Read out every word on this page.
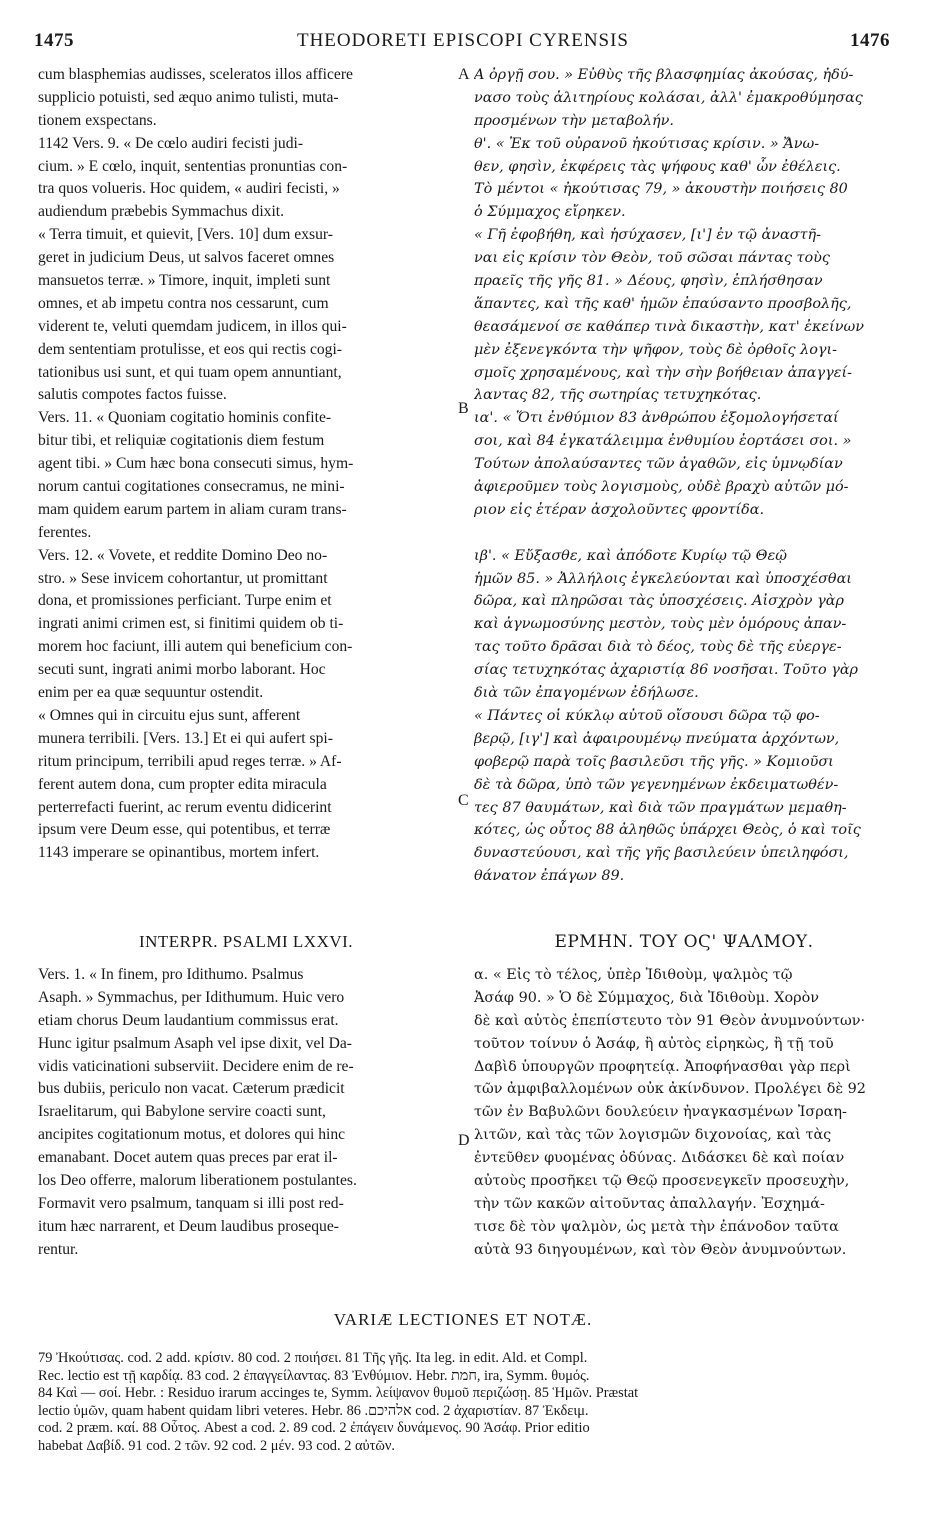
1475	THEODORETI EPISCOPI CYRENSIS	1476
cum blasphemias audisses, sceleratos illos afficere
supplicio potuisti, sed æquo animo tulisti, muta-
tionem exspectans.
1142 Vers. 9. « De cœlo audiri fecisti judi-
cium. » E cœlo, inquit, sententias pronuntias con-
tra quos volueris. Hoc quidem, « audiri fecisti, »
audiendum præbebis Symmachus dixit.
« Terra timuit, et quievit, [Vers. 10] dum exsur-
geret in judicium Deus, ut salvos faceret omnes
mansuetos terræ. » Timore, inquit, impleti sunt
omnes, et ab impetu contra nos cessarunt, cum
viderent te, veluti quemdam judicem, in illos qui-
dem sententiam protulisse, et eos qui rectis cogi-
tationibus usi sunt, et qui tuam opem annuntiant,
salutis compotes factos fuisse.
Vers. 11. « Quoniam cogitatio hominis confite-
bitur tibi, et reliquiæ cogitationis diem festum
agent tibi. » Cum hæc bona consecuti simus, hym-
norum cantui cogitationes consecramus, ne mini-
mam quidem earum partem in aliam curam trans-
ferentes.
Vers. 12. « Vovete, et reddite Domino Deo no-
stro. » Sese invicem cohortantur, ut promittant
dona, et promissiones perficiant. Turpe enim et
ingrati animi crimen est, si finitimi quidem ob ti-
morem hoc faciunt, illi autem qui beneficium con-
secuti sunt, ingrati animi morbo laborant. Hoc
enim per ea quæ sequuntur ostendit.
« Omnes qui in circuitu ejus sunt, afferent
munera terribili. [Vers. 13.] Et ei qui aufert spi-
ritum principum, terribili apud reges terræ. » Af-
ferent autem dona, cum propter edita miracula
perterrefacti fuerint, ac rerum eventu didicerint
ipsum vere Deum esse, qui potentibus, et terræ
1143 imperare se opinantibus, mortem infert.
Α ὀργῇ σου. » Εὐθὺς τῆς βλασφημίας ἀκούσας, ἠδύ-
νασο τοὺς ἀλιτηρίους κολάσαι, ἀλλ' ἐμακροθύμησας
προσμένων τὴν μεταβολήν.
θ'. « Ἐκ τοῦ οὐρανοῦ ἠκούτισας κρίσιν. » Ἄνω-
θεν, φησὶν, ἐκφέρεις τὰς ψήφους καθ' ὧν ἐθέλεις.
Τὸ μέντοι « ἠκούτισας 79, » ἀκουστὴν ποιήσεις 80
ὁ Σύμμαχος εἴρηκεν.
« Γῆ ἐφοβήθη, καὶ ἡσύχασεν, [ι'] ἐν τῷ ἀναστῆ-
ναι εἰς κρίσιν τὸν Θεὸν, τοῦ σῶσαι πάντας τοὺς
πραεῖς τῆς γῆς 81. » Δέους, φησὶν, ἐπλήσθησαν
ἅπαντες, καὶ τῆς καθ' ἡμῶν ἐπαύσαντο προσβολῆς,
θεασάμενοί σε καθάπερ τινὰ δικαστὴν, κατ' ἐκείνων
μὲν ἐξενεγκόντα τὴν ψῆφον, τοὺς δὲ ὀρθοῖς λογι-
σμοῖς χρησαμένους, καὶ τὴν σὴν βοήθειαν ἀπαγγεί-
λαντας 82, τῆς σωτηρίας τετυχηκότας.
ια'. « Ὅτι ἐνθύμιον 83 ἀνθρώπου ἐξομολογήσεταί
σοι, καὶ 84 ἐγκατάλειμμα ἐνθυμίου ἑορτάσει σοι. »
Τούτων ἀπολαύσαντες τῶν ἀγαθῶν, εἰς ὑμνῳδίαν
ἀφιεροῦμεν τοὺς λογισμοὺς, οὐδὲ βραχὺ αὐτῶν μό-
ριον εἰς ἑτέραν ἀσχολοῦντες φροντίδα.
ιβ'. « Εὔξασθε, καὶ ἀπόδοτε Κυρίῳ τῷ Θεῷ
ἡμῶν 85. » Ἀλλήλοις ἐγκελεύονται καὶ ὑποσχέσθαι
δῶρα, καὶ πληρῶσαι τὰς ὑποσχέσεις. Αἰσχρὸν γὰρ
καὶ ἀγνωμοσύνης μεστὸν, τοὺς μὲν ὁμόρους ἀπαν-
τας τοῦτο δρᾶσαι διὰ τὸ δέος, τοὺς δὲ τῆς εὐεργε-
σίας τετυχηκότας ἀχαριστίᾳ 86 νοσῆσαι. Τοῦτο γὰρ
διὰ τῶν ἐπαγομένων ἐδήλωσε.
« Πάντες οἱ κύκλῳ αὐτοῦ οἴσουσι δῶρα τῷ φο-
βερῷ, [ιγ'] καὶ ἀφαιρουμένῳ πνεύματα ἀρχόντων,
φοβερῷ παρὰ τοῖς βασιλεῦσι τῆς γῆς. » Κομιοῦσι
δὲ τὰ δῶρα, ὑπὸ τῶν γεγενημένων ἐκδειματωθέν-
τες 87 θαυμάτων, καὶ διὰ τῶν πραγμάτων μεμαθη-
κότες, ὡς οὗτος 88 ἀληθῶς ὑπάρχει Θεὸς, ὁ καὶ τοῖς
δυναστεύουσι, καὶ τῆς γῆς βασιλεύειν ὑπειληφόσι,
θάνατον ἐπάγων 89.
A
B
C
D
INTERPR. PSALMI LXXVI.	ΕΡΜΗΝ. ΤΟΥ ΟϚ' ΨΑΛΜΟΥ.
Vers. 1. « In finem, pro Idithumo. Psalmus
Asaph. » Symmachus, per Idithumum. Huic vero
etiam chorus Deum laudantium commissus erat.
Hunc igitur psalmum Asaph vel ipse dixit, vel Da-
vidis vaticinationi subserviit. Decidere enim de re-
bus dubiis, periculo non vacat. Cæterum prædicit
Israelitarum, qui Babylone servire coacti sunt,
ancipites cogitationum motus, et dolores qui hinc
emanabant. Docet autem quas preces par erat il-
los Deo offerre, malorum liberationem postulantes.
Formavit vero psalmum, tanquam si illi post red-
itum hæc narrarent, et Deum laudibus proseque-
rentur.
α. « Εἰς τὸ τέλος, ὑπὲρ Ἰδιθοὺμ, ψαλμὸς τῷ
Ἀσάφ 90. » Ὁ δὲ Σύμμαχος, διὰ Ἰδιθοὺμ. Χορὸν
δὲ καὶ αὐτὸς ἐπεπίστευτο τὸν 91 Θεὸν ἀνυμνούντων·
τοῦτον τοίνυν ὁ Ἀσάφ, ἢ αὐτὸς εἰρηκὼς, ἢ τῇ τοῦ
Δαβὶδ ὑπουργῶν προφητείᾳ. Ἀποφήνασθαι γὰρ περὶ
τῶν ἀμφιβαλλομένων οὐκ ἀκίνδυνον. Προλέγει δὲ 92
τῶν ἐν Βαβυλῶνι δουλεύειν ἠναγκασμένων Ἰσραη-
λιτῶν, καὶ τὰς τῶν λογισμῶν διχονοίας, καὶ τὰς
ἐντεῦθεν φυομένας ὀδύνας. Διδάσκει δὲ καὶ ποίαν
αὐτοὺς προσῆκει τῷ Θεῷ προσενεγκεῖν προσευχὴν,
τὴν τῶν κακῶν αἰτοῦντας ἀπαλλαγήν. Ἐσχημά-
τισε δὲ τὸν ψαλμὸν, ὡς μετὰ τὴν ἐπάνοδον ταῦτα
αὐτὰ 93 διηγουμένων, καὶ τὸν Θεὸν ἀνυμνούντων.
VARIÆ LECTIONES ET NOTÆ.
79 Ἠκούτισας. cod. 2 add. κρίσιν. 80 cod. 2 ποιήσει. 81 Τῆς γῆς. Ita leg. in edit. Ald. et Compl.
Rec. lectio est τῇ καρδίᾳ. 83 cod. 2 ἐπαγγείλαντας. 83 Ἐνθύμιον. Hebr. חמת, ira, Symm. θυμός.
84 Καὶ — σοί. Hebr. : Residuo irarum accinges te, Symm. λείψανον θυμοῦ περιζώσῃ. 85 Ἡμῶν. Præstat
lectio ὑμῶν, quam habent quidam libri veteres. Hebr. אלהיכם. 86 cod. 2 ἀχαριστίαν. 87 Ἐκδειμ.
cod. 2 præm. καί. 88 Οὗτος. Abest a cod. 2. 89 cod. 2 ἐπάγειν δυνάμενος. 90 Ἀσάφ. Prior editio
habebat Δαβίδ. 91 cod. 2 τῶν. 92 cod. 2 μέν. 93 cod. 2 αὐτῶν.
